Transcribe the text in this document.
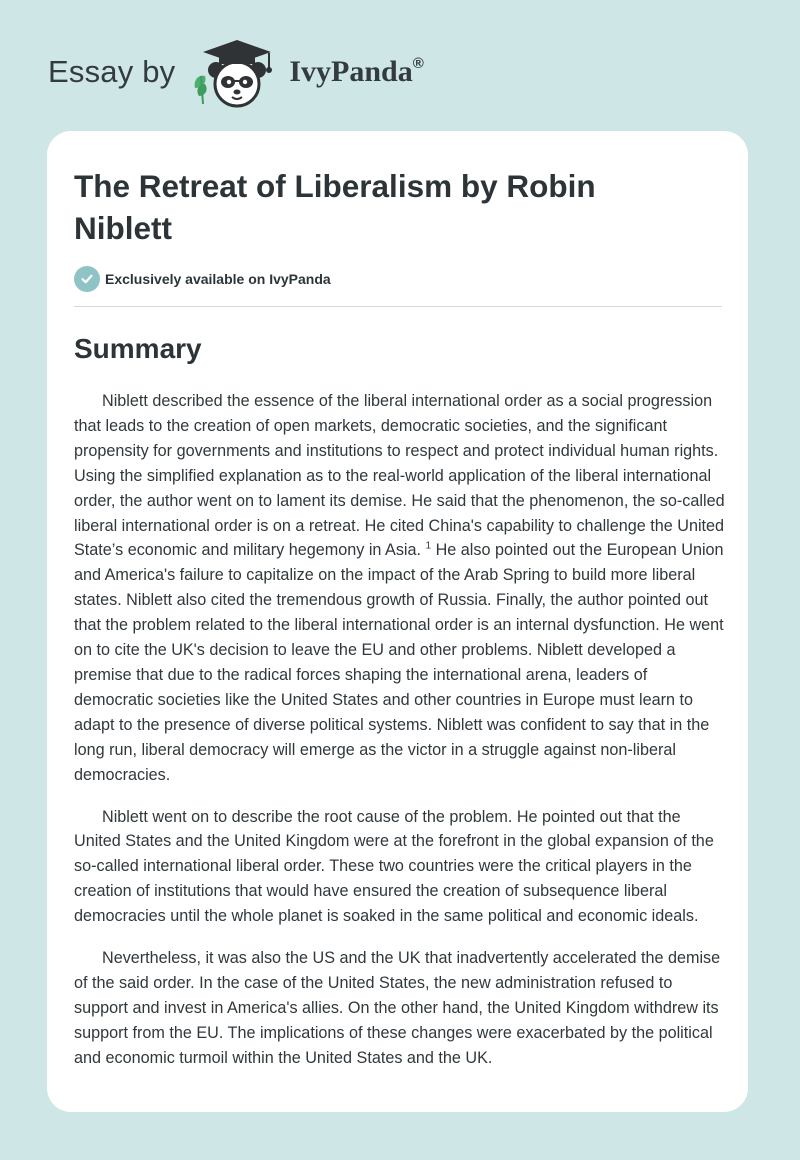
Essay by	IvyPanda®
The Retreat of Liberalism by Robin Niblett
Exclusively available on IvyPanda
Summary

Niblett described the essence of the liberal international order as a social progression that leads to the creation of open markets, democratic societies, and the significant propensity for governments and institutions to respect and protect individual human rights. Using the simplified explanation as to the real-world application of the liberal international order, the author went on to lament its demise. He said that the phenomenon, the so-called liberal international order is on a retreat. He cited China's capability to challenge the United State’s economic and military hegemony in Asia. $^1$ He also pointed out the European Union and America's failure to capitalize on the impact of the Arab Spring to build more liberal states. Niblett also cited the tremendous growth of Russia. Finally, the author pointed out that the problem related to the liberal international order is an internal dysfunction. He went on to cite the UK's decision to leave the EU and other problems. Niblett developed a premise that due to the radical forces shaping the international arena, leaders of democratic societies like the United States and other countries in Europe must learn to adapt to the presence of diverse political systems. Niblett was confident to say that in the long run, liberal democracy will emerge as the victor in a struggle against non-liberal democracies.

Niblett went on to describe the root cause of the problem. He pointed out that the United States and the United Kingdom were at the forefront in the global expansion of the so-called international liberal order. These two countries were the critical players in the creation of institutions that would have ensured the creation of subsequence liberal democracies until the whole planet is soaked in the same political and economic ideals.

Nevertheless, it was also the US and the UK that inadvertently accelerated the demise of the said order. In the case of the United States, the new administration refused to support and invest in America's allies. On the other hand, the United Kingdom withdrew its support from the EU. The implications of these changes were exacerbated by the political and economic turmoil within the United States and the UK.
